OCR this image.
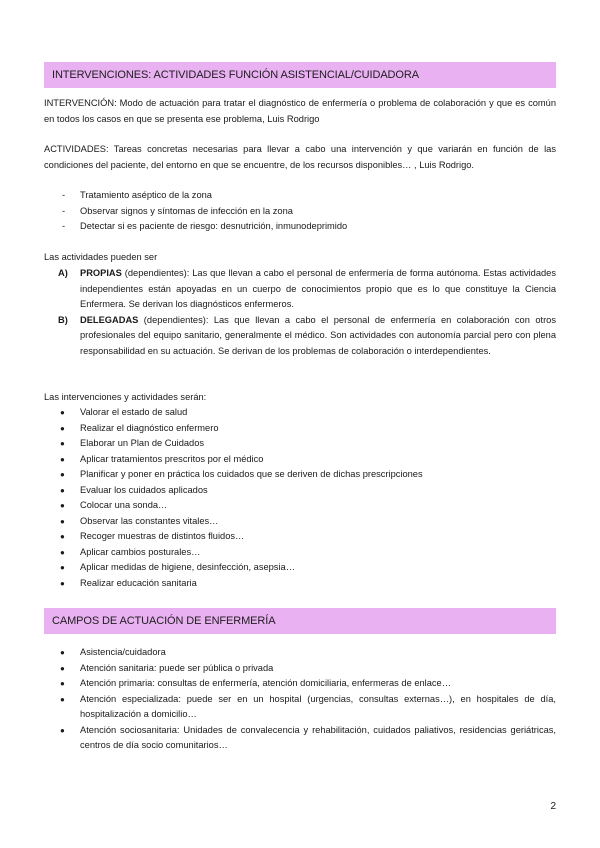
INTERVENCIONES: ACTIVIDADES FUNCIÓN ASISTENCIAL/CUIDADORA
INTERVENCIÓN: Modo de actuación para tratar el diagnóstico de enfermería o problema de colaboración y que es común en todos los casos en que se presenta ese problema, Luis Rodrigo
ACTIVIDADES: Tareas concretas necesarias para llevar a cabo una intervención y que variarán en función de las condiciones del paciente, del entorno en que se encuentre, de los recursos disponibles… , Luis Rodrigo.
- Tratamiento aséptico de la zona
- Observar signos y síntomas de infección en la zona
- Detectar si es paciente de riesgo: desnutrición, inmunodeprimido
Las actividades pueden ser
A) PROPIAS (dependientes): Las que llevan a cabo el personal de enfermería de forma autónoma. Estas actividades independientes están apoyadas en un cuerpo de conocimientos propio que es lo que constituye la Ciencia Enfermera. Se derivan los diagnósticos enfermeros.
B) DELEGADAS (dependientes): Las que llevan a cabo el personal de enfermería en colaboración con otros profesionales del equipo sanitario, generalmente el médico. Son actividades con autonomía parcial pero con plena responsabilidad en su actuación. Se derivan de los problemas de colaboración o interdependientes.
Las intervenciones y actividades serán:
● Valorar el estado de salud
● Realizar el diagnóstico enfermero
● Elaborar un Plan de Cuidados
● Aplicar tratamientos prescritos por el médico
● Planificar y poner en práctica los cuidados que se deriven de dichas prescripciones
● Evaluar los cuidados aplicados
● Colocar una sonda…
● Observar las constantes vitales…
● Recoger muestras de distintos fluidos…
● Aplicar cambios posturales…
● Aplicar medidas de higiene, desinfección, asepsia…
● Realizar educación sanitaria
CAMPOS DE ACTUACIÓN DE ENFERMERÍA
● Asistencia/cuidadora
● Atención sanitaria: puede ser pública o privada
● Atención primaria: consultas de enfermería, atención domiciliaria, enfermeras de enlace…
● Atención especializada: puede ser en un hospital (urgencias, consultas externas…), en hospitales de día, hospitalización a domicilio…
● Atención sociosanitaria: Unidades de convalecencia y rehabilitación, cuidados paliativos, residencias geriátricas, centros de día socio comunitarios…
2
